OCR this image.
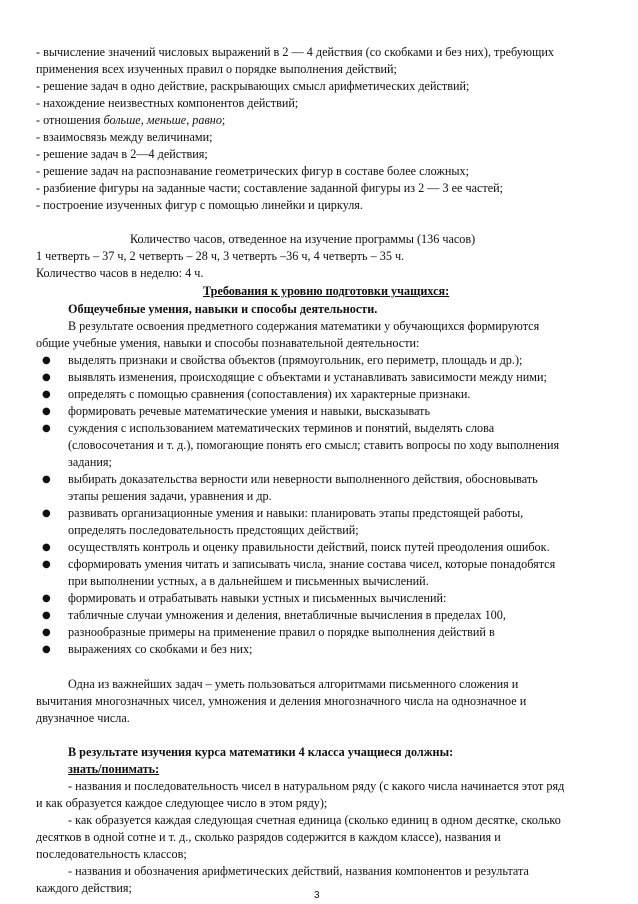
- вычисление значений числовых выражений в 2 — 4 действия (со скобками и без них), требующих
применения всех изученных правил о порядке выполнения действий;
- решение задач в одно действие, раскрывающих смысл арифметических действий;
- нахождение неизвестных компонентов действий;
- отношения больше, меньше, равно;
- взаимосвязь между величинами;
- решение задач в 2—4 действия;
- решение задач на распознавание геометрических фигур в составе более сложных;
- разбиение фигуры на заданные части; составление заданной фигуры из 2 — 3 ее частей;
- построение изученных фигур с помощью линейки и циркуля.
Количество часов, отведенное на изучение программы (136 часов)
1 четверть – 37 ч, 2 четверть – 28 ч, 3 четверть –36 ч, 4 четверть – 35 ч.
Количество часов в неделю: 4 ч.
Требования к уровню подготовки учащихся:
Общеучебные умения, навыки и способы деятельности.
В результате освоения предметного содержания математики у обучающихся формируются
общие учебные умения, навыки и способы познавательной деятельности:
● выделять признаки и свойства объектов (прямоугольник, его периметр, площадь и др.);
● выявлять изменения, происходящие с объектами и устанавливать зависимости между ними;
● определять с помощью сравнения (сопоставления) их характерные признаки.
● формировать речевые математические умения и навыки, высказывать
● суждения с использованием математических терминов и понятий, выделять слова
(словосочетания и т. д.), помогающие понять его смысл; ставить вопросы по ходу выполнения
задания;
● выбирать доказательства верности или неверности выполненного действия, обосновывать
этапы решения задачи, уравнения и др.
● развивать организационные умения и навыки: планировать этапы предстоящей работы,
определять последовательность предстоящих действий;
● осуществлять контроль и оценку правильности действий, поиск путей преодоления ошибок.
● сформировать умения читать и записывать числа, знание состава чисел, которые понадобятся
при выполнении устных, а в дальнейшем и письменных вычислений.
● формировать и отрабатывать навыки устных и письменных вычислений:
● табличные случаи умножения и деления, внетабличные вычисления в пределах 100,
● разнообразные примеры на применение правил о порядке выполнения действий в
● выражениях со скобками и без них;
Одна из важнейших задач – уметь пользоваться алгоритмами письменного сложения и
вычитания многозначных чисел, умножения и деления многозначного числа на однозначное и
двузначное числа.
В результате изучения курса математики 4 класса учащиеся должны:
знать/понимать:
- названия и последовательность чисел в натуральном ряду (с какого числа начинается этот ряд
и как образуется каждое следующее число в этом ряду);
- как образуется каждая следующая счетная единица (сколько единиц в одном десятке, сколько
десятков в одной сотне и т. д., сколько разрядов содержится в каждом классе), названия и
последовательность классов;
- названия и обозначения арифметических действий, названия компонентов и результата
каждого действия;
3
